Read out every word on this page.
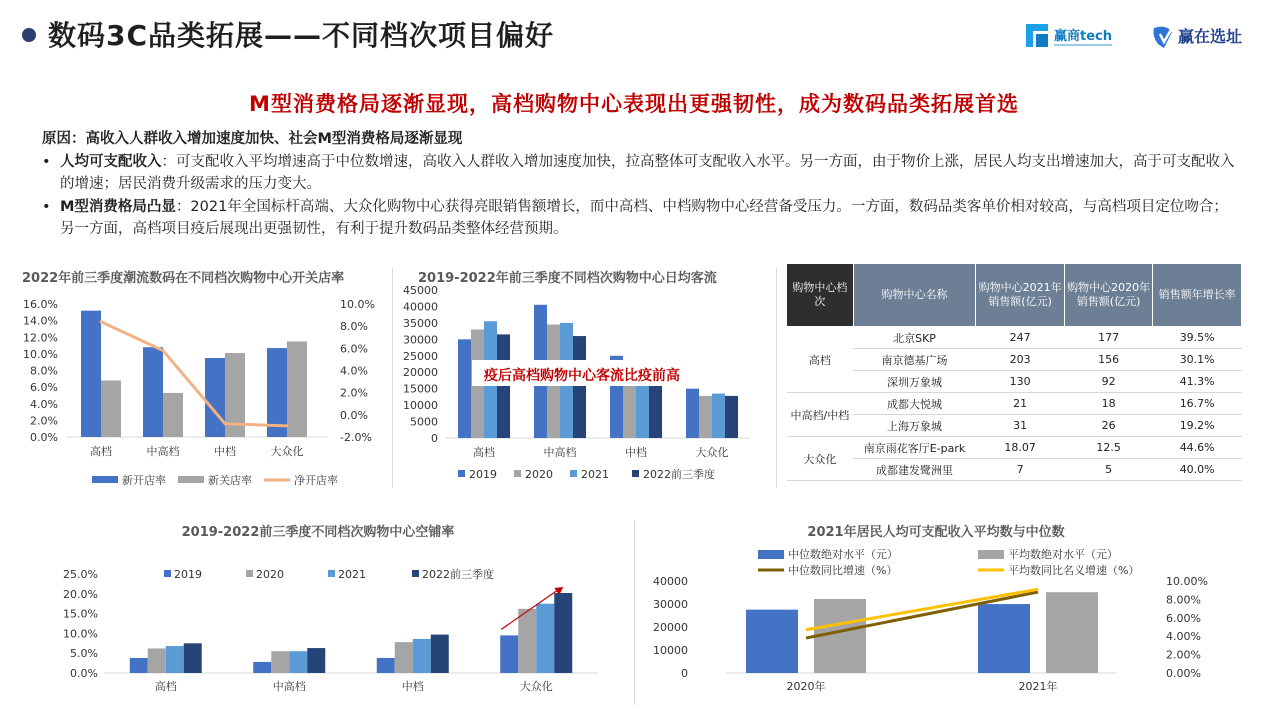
数码3C品类拓展——不同档次项目偏好	赢商tech	赢在选址
M型消费格局逐渐显现，高档购物中心表现出更强韧性，成为数码品类拓展首选
原因：高收入人群收入增加速度加快、社会M型消费格局逐渐显现
• 人均可支配收入：可支配收入平均增速高于中位数增速，高收入人群收入增加速度加快，拉高整体可支配收入水平。另一方面，由于物价上涨，居民人均支出增速加大，高于可支配收入的增速；居民消费升级需求的压力变大。
• M型消费格局凸显：2021年全国标杆高端、大众化购物中心获得亮眼销售额增长，而中高档、中档购物中心经营备受压力。一方面，数码品类客单价相对较高，与高档项目定位吻合；另一方面，高档项目疫后展现出更强韧性，有利于提升数码品类整体经营预期。
2022年前三季度潮流数码在不同档次购物中心开关店率
16.0%
14.0%
12.0%
10.0%
8.0%
6.0%
4.0%
2.0%
0.0%
10.0%
8.0%
6.0%
4.0%
2.0%
0.0%
-2.0%
高档	中高档	中档	大众化
新开店率	新关店率	净开店率
2019-2022年前三季度不同档次购物中心日均客流
45000
40000
35000
30000
25000
20000
15000
10000
5000
0
高档	中高档	中档	大众化
疫后高档购物中心客流比疫前高
2019	2020	2021	2022前三季度
购物中心档次	购物中心名称	购物中心2021年销售额(亿元)	购物中心2020年销售额(亿元)	销售额年增长率
高档	北京SKP	247	177	39.5%
	南京德基广场	203	156	30.1%
	深圳万象城	130	92	41.3%
中高档/中档	成都大悦城	21	18	16.7%
	上海万象城	31	26	19.2%
大众化	南京雨花客厅E-park	18.07	12.5	44.6%
	成都建发鹭洲里	7	5	40.0%
2019-2022前三季度不同档次购物中心空铺率
25.0%
20.0%
15.0%
10.0%
5.0%
0.0%
高档	中高档	中档	大众化
2019	2020	2021	2022前三季度
2021年居民人均可支配收入平均数与中位数
40000
30000
20000
10000
0
10.00%
8.00%
6.00%
4.00%
2.00%
0.00%
2020年	2021年
中位数绝对水平（元）	平均数绝对水平（元）
中位数同比增速（%）	平均数同比名义增速（%）
